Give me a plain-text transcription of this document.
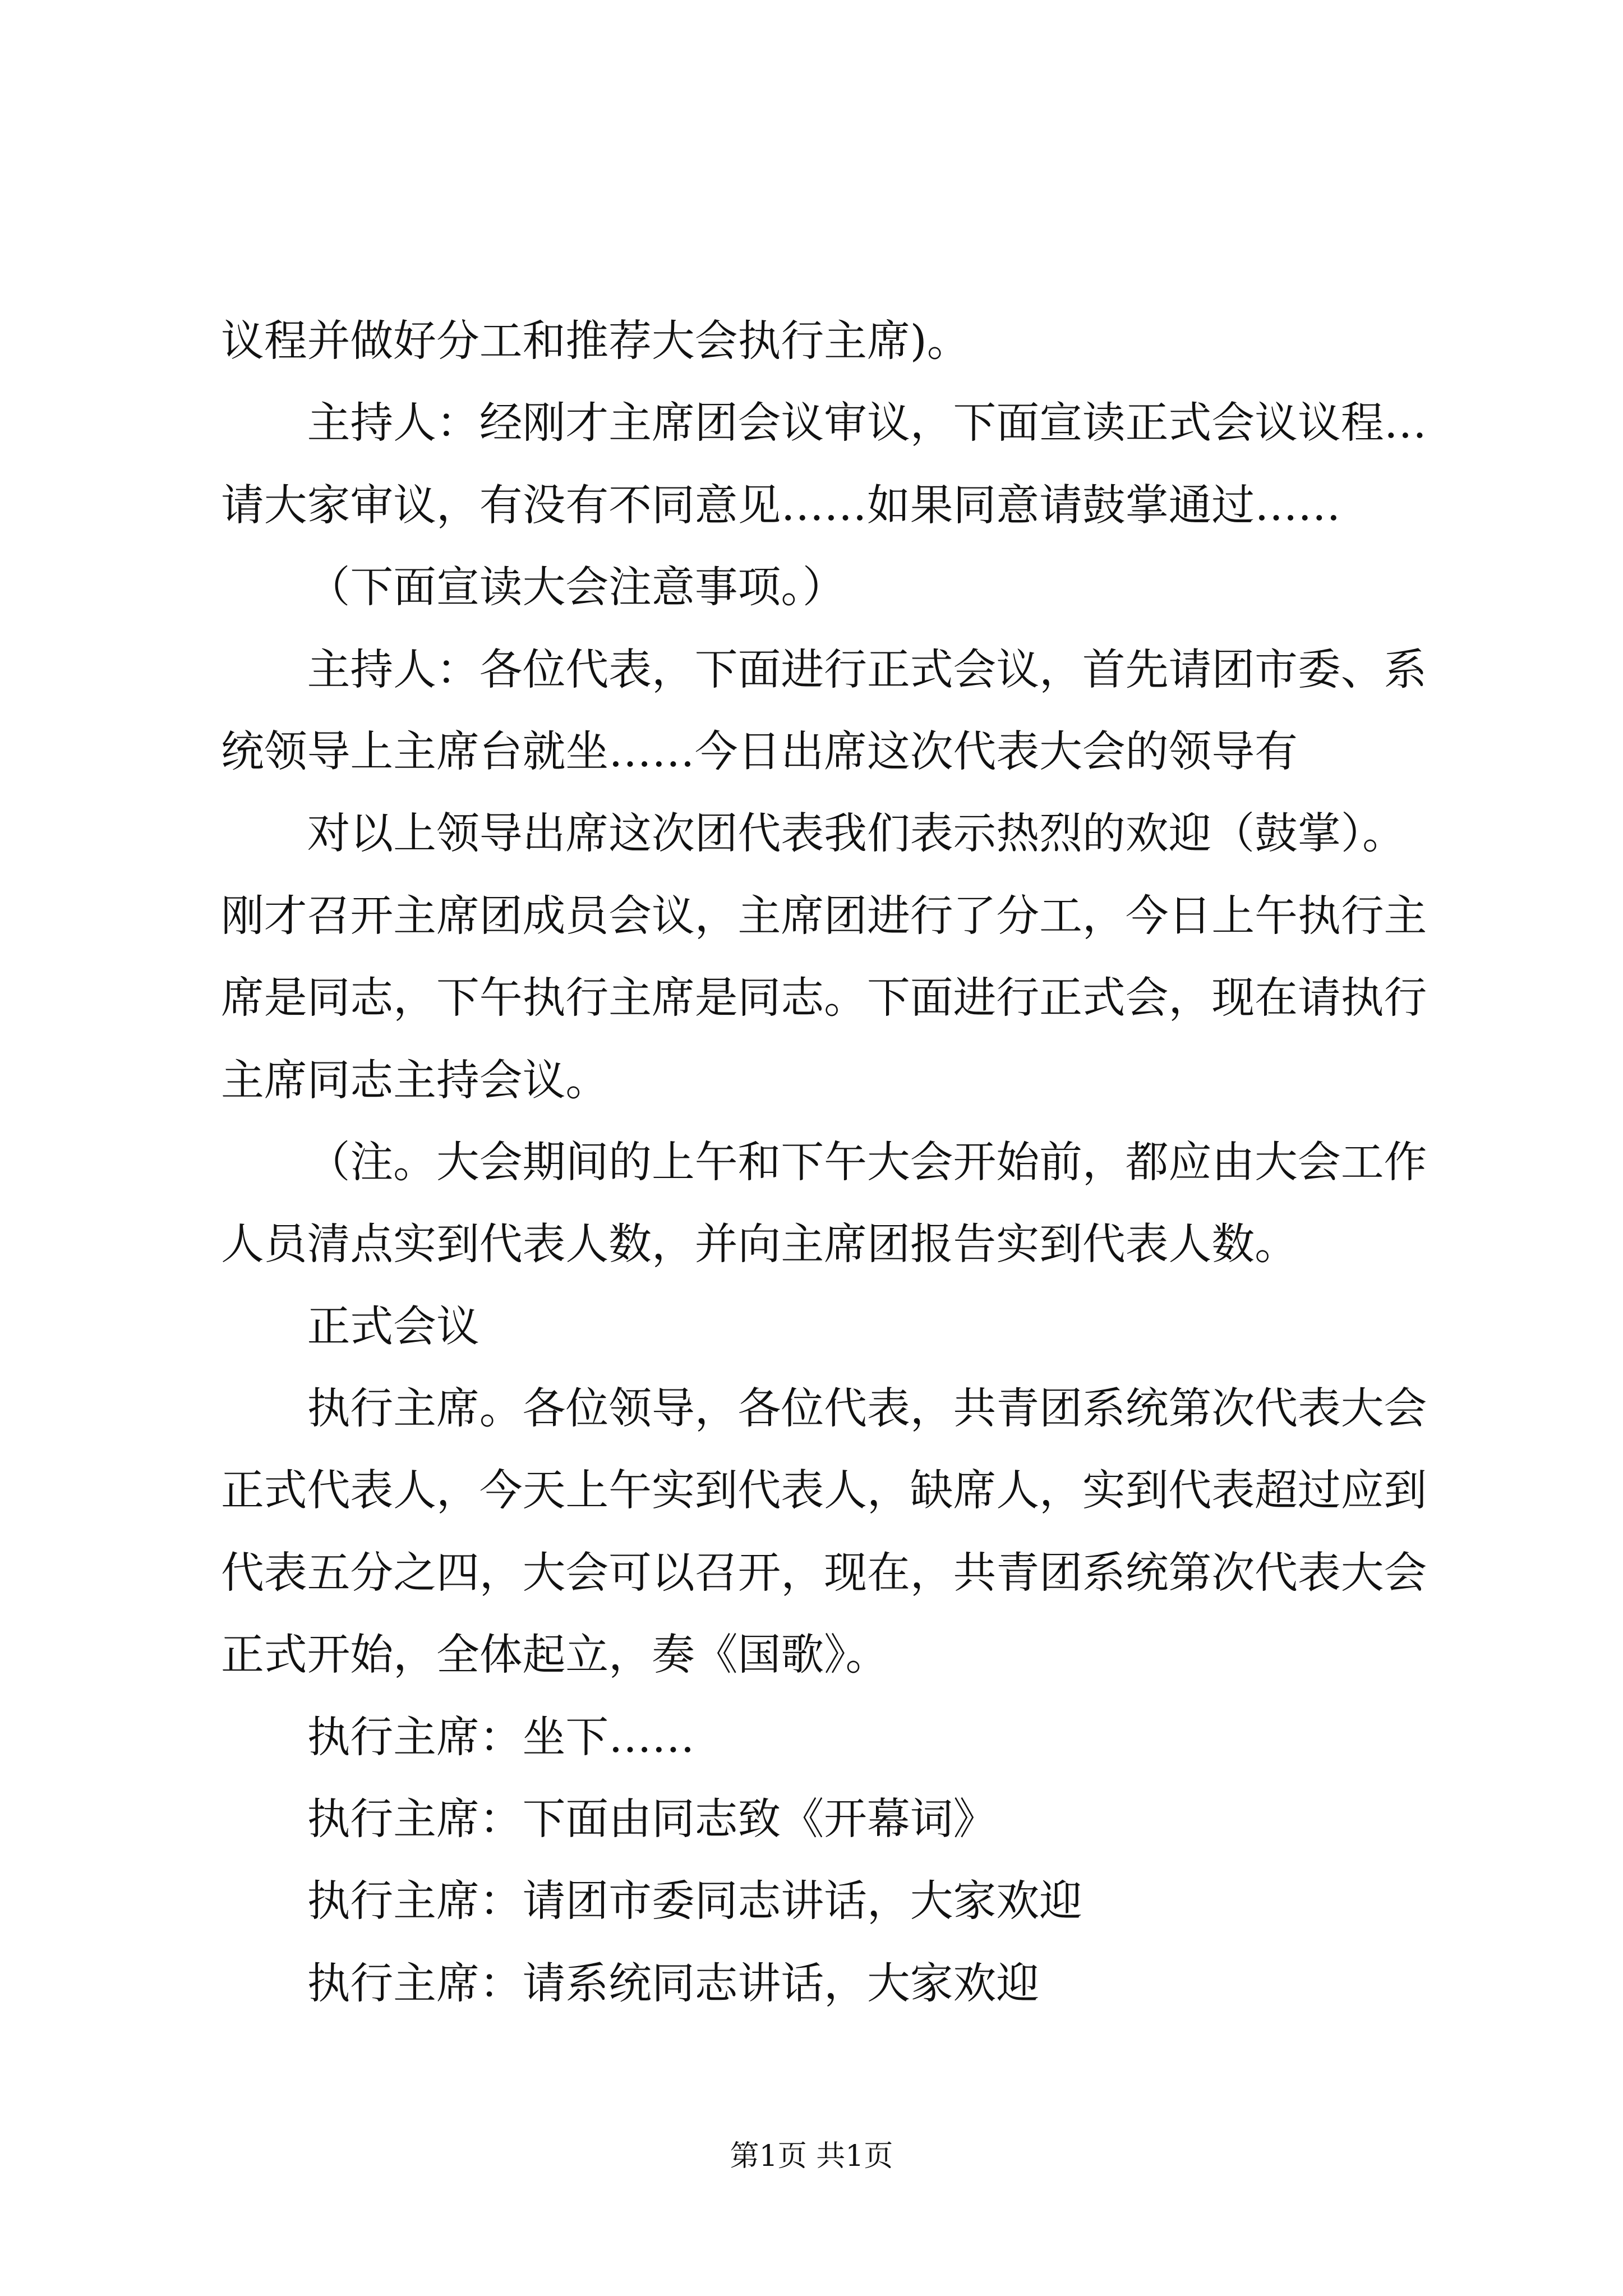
议程并做好分工和推荐大会执行主席)。
主持人：经刚才主席团会议审议，下面宣读正式会议议程…
请大家审议，有没有不同意见……如果同意请鼓掌通过……
（下面宣读大会注意事项。）
主持人：各位代表，下面进行正式会议，首先请团市委、系
统领导上主席台就坐……今日出席这次代表大会的领导有
对以上领导出席这次团代表我们表示热烈的欢迎（鼓掌）。
刚才召开主席团成员会议，主席团进行了分工，今日上午执行主
席是同志，下午执行主席是同志。下面进行正式会，现在请执行
主席同志主持会议。
（注。大会期间的上午和下午大会开始前，都应由大会工作
人员清点实到代表人数，并向主席团报告实到代表人数。
正式会议
执行主席。各位领导，各位代表，共青团系统第次代表大会
正式代表人，今天上午实到代表人，缺席人，实到代表超过应到
代表五分之四，大会可以召开，现在，共青团系统第次代表大会
正式开始，全体起立，奏《国歌》。
执行主席：坐下……
执行主席：下面由同志致《开幕词》
执行主席：请团市委同志讲话，大家欢迎
执行主席：请系统同志讲话，大家欢迎
第1页 共1页
